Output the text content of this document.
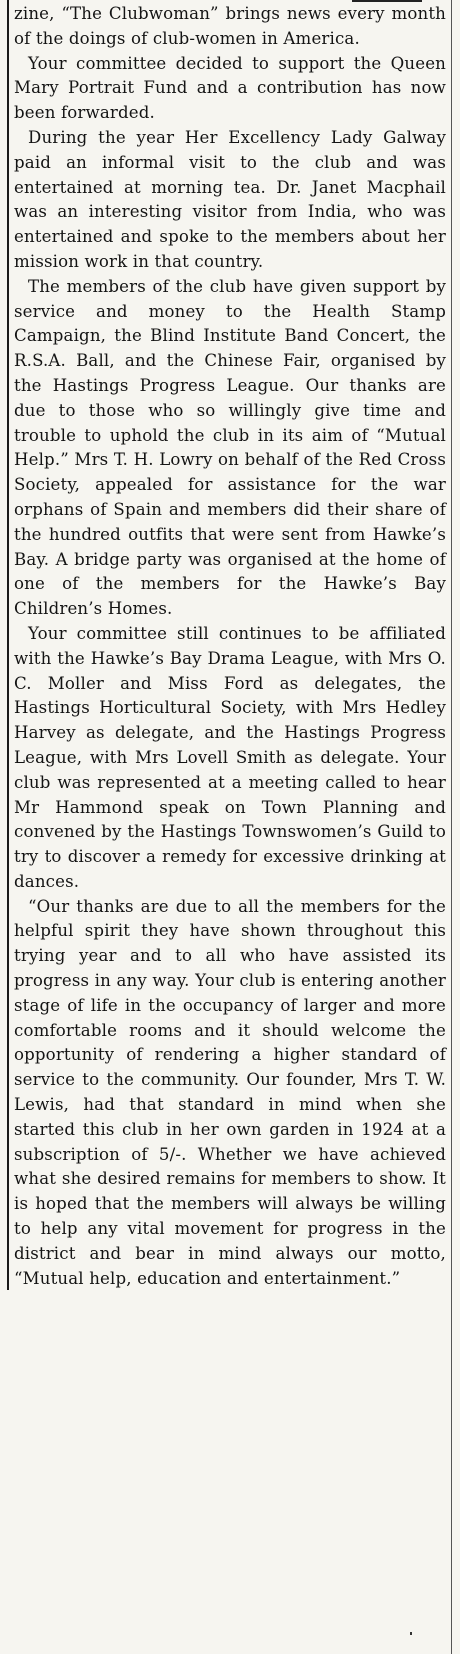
zine, “The Clubwoman” brings news every month of the doings of club-women in America.

Your committee decided to support the Queen Mary Portrait Fund and a contribution has now been forwarded.

During the year Her Excellency Lady Galway paid an informal visit to the club and was entertained at morning tea. Dr. Janet Macphail was an interesting visitor from India, who was entertained and spoke to the members about her mission work in that country.

The members of the club have given support by service and money to the Health Stamp Campaign, the Blind Institute Band Concert, the R.S.A. Ball, and the Chinese Fair, organised by the Hastings Progress League. Our thanks are due to those who so willingly give time and trouble to uphold the club in its aim of “Mutual Help.” Mrs T. H. Lowry on behalf of the Red Cross Society, appealed for assistance for the war orphans of Spain and members did their share of the hundred outfits that were sent from Hawke’s Bay. A bridge party was organised at the home of one of the members for the Hawke’s Bay Children’s Homes.

Your committee still continues to be affiliated with the Hawke’s Bay Drama League, with Mrs O. C. Moller and Miss Ford as delegates, the Hastings Horticultural Society, with Mrs Hedley Harvey as delegate, and the Hastings Progress League, with Mrs Lovell Smith as delegate. Your club was represented at a meeting called to hear Mr Hammond speak on Town Planning and convened by the Hastings Townswomen’s Guild to try to discover a remedy for excessive drinking at dances.

“Our thanks are due to all the members for the helpful spirit they have shown throughout this trying year and to all who have assisted its progress in any way. Your club is entering another stage of life in the occupancy of larger and more comfortable rooms and it should welcome the opportunity of rendering a higher standard of service to the community. Our founder, Mrs T. W. Lewis, had that standard in mind when she started this club in her own garden in 1924 at a subscription of 5/-. Whether we have achieved what she desired remains for members to show. It is hoped that the members will always be willing to help any vital movement for progress in the district and bear in mind always our motto, “Mutual help, education and entertainment.”
